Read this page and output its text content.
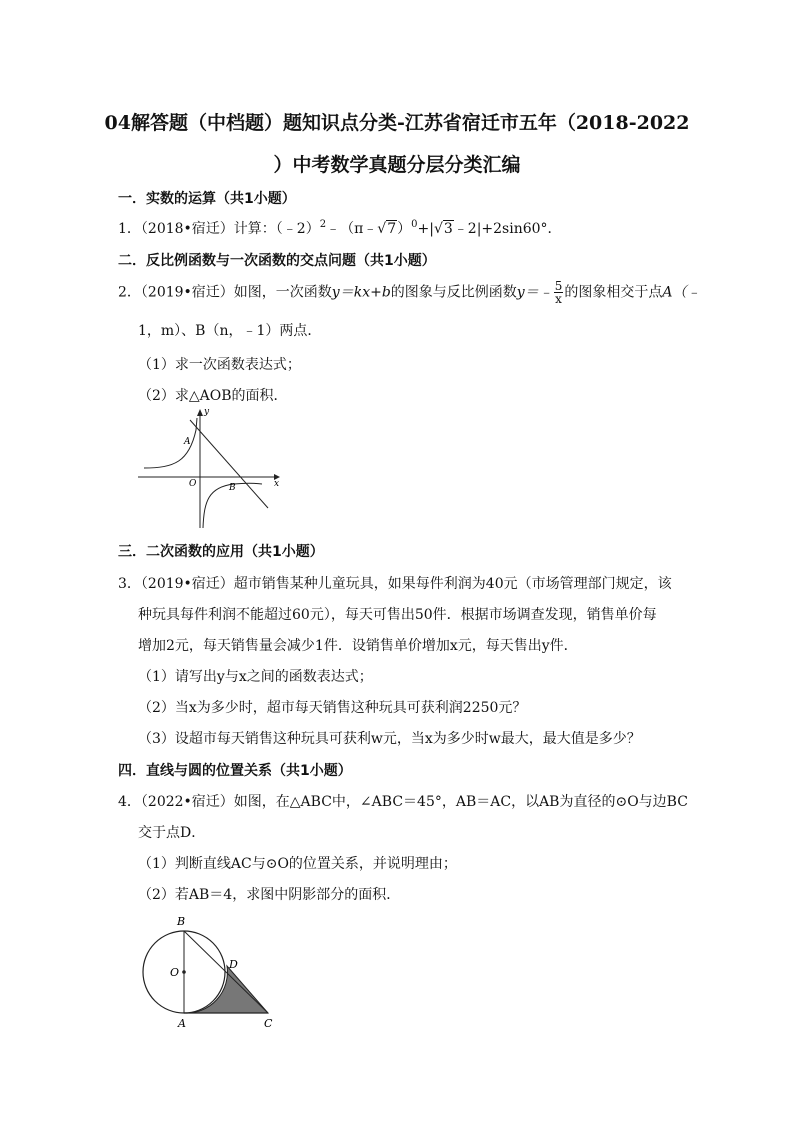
04解答题（中档题）题知识点分类-江苏省宿迁市五年（2018-2022
）中考数学真题分层分类汇编
一．实数的运算（共1小题）
1．（2018•宿迁）计算：（﹣2）$^2$﹣（π﹣√7）$^0$+|√3﹣2|+2sin60°．
二．反比例函数与一次函数的交点问题（共1小题）
2．（2019•宿迁）如图，一次函数y＝kx+b的图象与反比例函数y＝﹣ $\frac{5}{x}$ 的图象相交于点A（﹣
1，m）、B（n，﹣1）两点．
（1）求一次函数表达式；
（2）求△AOB的面积．
y
x
A
O	B
三．二次函数的应用（共1小题）
3．（2019•宿迁）超市销售某种儿童玩具，如果每件利润为40元（市场管理部门规定，该
种玩具每件利润不能超过60元），每天可售出50件．根据市场调查发现，销售单价每
增加2元，每天销售量会减少1件．设销售单价增加x元，每天售出y件．
（1）请写出y与x之间的函数表达式；
（2）当x为多少时，超市每天销售这种玩具可获利润2250元？
（3）设超市每天销售这种玩具可获利w元，当x为多少时w最大，最大值是多少？
四．直线与圆的位置关系（共1小题）
4．（2022•宿迁）如图，在△ABC中，∠ABC＝45°，AB＝AC，以AB为直径的⊙O与边BC
交于点D．
（1）判断直线AC与⊙O的位置关系，并说明理由；
（2）若AB＝4，求图中阴影部分的面积．
B
O
D
A	C
